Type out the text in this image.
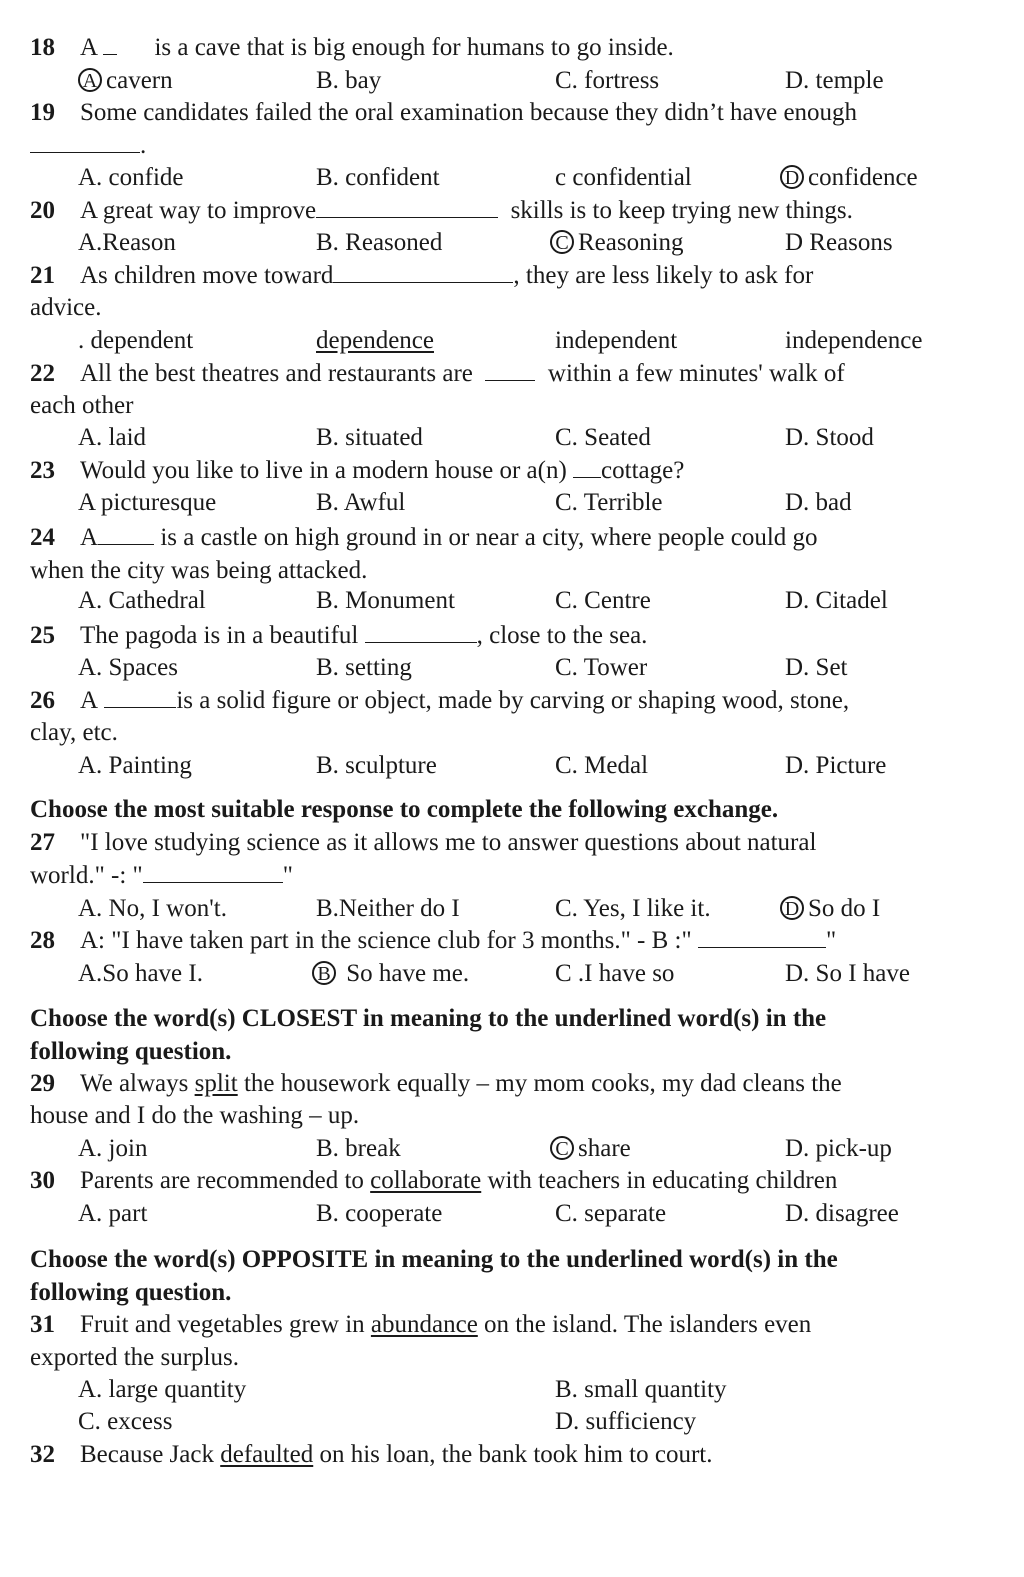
18 A is a cave that is big enough for humans to go inside.
A cavern	B. bay	C. fortress	D. temple
19 Some candidates failed the oral examination because they didn’t have enough
.
A. confide	B. confident	c confidential	D confidence
20 A great way to improve	skills is to keep trying new things.
A.Reason	B. Reasoned	C Reasoning	D Reasons
21 As children move toward	, they are less likely to ask for
advice.
. dependent	dependence	independent	independence
22 All the best theatres and restaurants are	within a few minutes' walk of
each other
A. laid	B. situated	C. Seated	D. Stood
23 Would you like to live in a modern house or a(n) cottage?
A picturesque	B. Awful	C. Terrible	D. bad
24 A is a castle on high ground in or near a city, where people could go
when the city was being attacked.
A. Cathedral	B. Monument	C. Centre	D. Citadel
25 The pagoda is in a beautiful	, close to the sea.
A. Spaces	B. setting	C. Tower	D. Set
26 A	is a solid figure or object, made by carving or shaping wood, stone,
clay, etc.
A. Painting	B. sculpture	C. Medal	D. Picture
Choose the most suitable response to complete the following exchange.
27 "I love studying science as it allows me to answer questions about natural
world." -: "	"
A. No, I won't.	B.Neither do I	C. Yes, I like it.	D So do I
28 A: "I have taken part in the science club for 3 months." - B :"	"
A.So have I.	B So have me.	C .I have so	D. So I have
Choose the word(s) CLOSEST in meaning to the underlined word(s) in the
following question.
29 We always split the housework equally – my mom cooks, my dad cleans the
house and I do the washing – up.
A. join	B. break	C share	D. pick-up
30 Parents are recommended to collaborate with teachers in educating children
A. part	B. cooperate	C. separate	D. disagree
Choose the word(s) OPPOSITE in meaning to the underlined word(s) in the
following question.
31 Fruit and vegetables grew in abundance on the island. The islanders even
exported the surplus.
A. large quantity	B. small quantity
C. excess	D. sufficiency
32 Because Jack defaulted on his loan, the bank took him to court.
